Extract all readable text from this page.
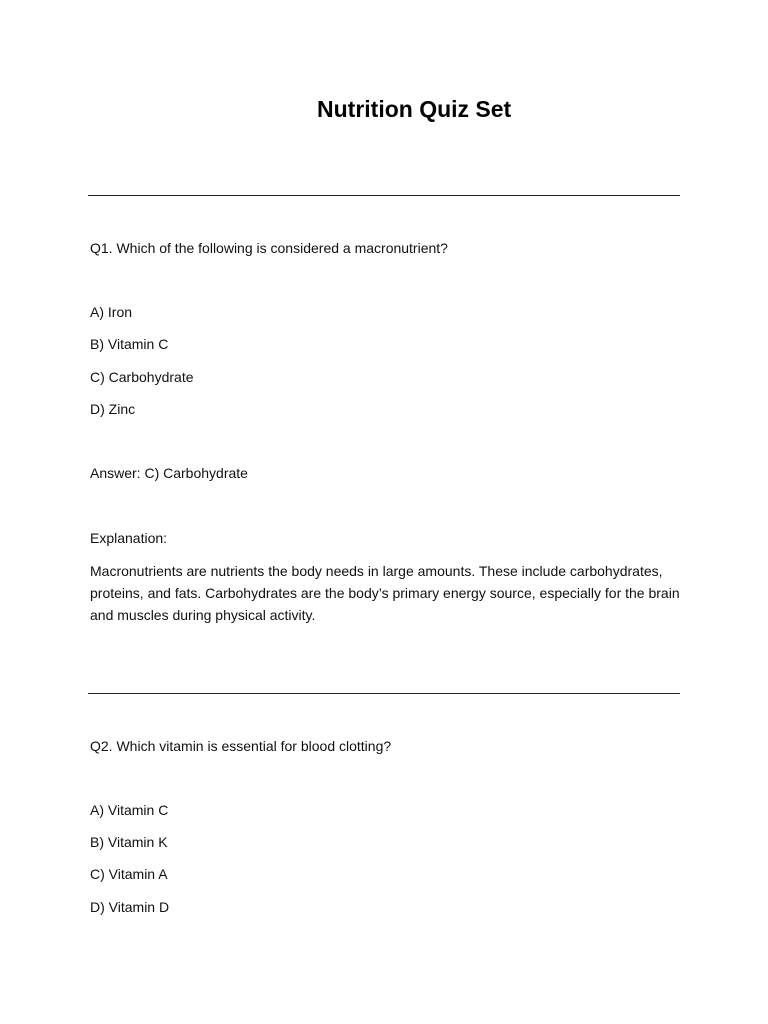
Nutrition Quiz Set
Q1. Which of the following is considered a macronutrient?
A) Iron
B) Vitamin C
C) Carbohydrate
D) Zinc
Answer: C) Carbohydrate
Explanation:
Macronutrients are nutrients the body needs in large amounts. These include carbohydrates, proteins, and fats. Carbohydrates are the body’s primary energy source, especially for the brain and muscles during physical activity.
Q2. Which vitamin is essential for blood clotting?
A) Vitamin C
B) Vitamin K
C) Vitamin A
D) Vitamin D
